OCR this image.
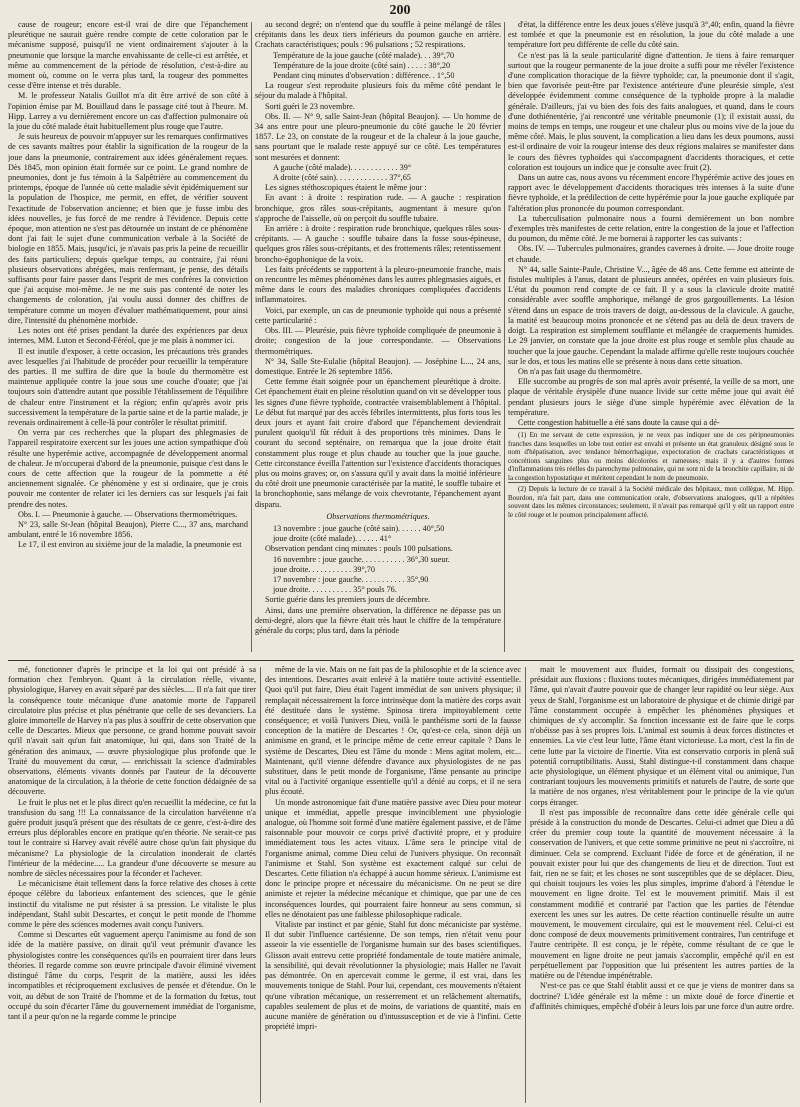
200

cause de rougeur; encore est-il vrai de dire que l'épanchement pleurétique ne saurait guère rendre compte de cette coloration par le mécanisme supposé, puisqu'il ne vient ordinairement s'ajouter à la pneumonie que lorsque la marche envahissante de celle-ci est arrêtée, et même au commencement de la période de résolution, c'est-à-dire au moment où, comme on le verra plus tard, la rougeur des pommettes cesse d'être intense et très durable.

M. le professeur Natalis Guillot m'a dit être arrivé de son côté à l'opinion émise par M. Bouillaud dans le passage cité tout à l'heure. M. Hipp. Larrey a vu dernièrement encore un cas d'affection pulmonaire où la joue du côté malade était habituellement plus rouge que l'autre.

Je suis heureux de pouvoir m'appuyer sur les remarques confirmatives de ces savants maîtres pour établir la signification de la rougeur de la joue dans la pneumonie, contrairement aux idées généralement reçues. Dès 1845, mon opinion était formée sur ce point. Le grand nombre de pneumonies, dont je fus témoin à la Salpêtrière au commencement du printemps, époque de l'année où cette maladie sévit épidémiquement sur la population de l'hospice, me permit, en effet, de vérifier souvent l'exactitude de l'observation ancienne; et bien que je fusse imbu des idées nouvelles, je fus forcé de me rendre à l'évidence. Depuis cette époque, mon attention ne s'est pas détournée un instant de ce phénomène dont j'ai fait le sujet d'une communication verbale à la Société de biologie en 1855. Mais, jusqu'ici, je n'avais pas pris la peine de recueillir des faits particuliers; depuis quelque temps, au contraire, j'ai réuni plusieurs observations abrégées, mais renfermant, je pense, des détails suffisants pour faire passer dans l'esprit de mes confrères la conviction que j'ai acquise moi-même. Je ne me suis pas contenté de noter les changements de coloration, j'ai voulu aussi donner des chiffres de température comme un moyen d'évaluer mathématiquement, pour ainsi dire, l'intensité du phénomène morbide.

Les notes ont été prises pendant la durée des expériences par deux internes, MM. Luton et Second-Féréol, que je me plais à nommer ici.

Il est inutile d'exposer, à cette occasion, les précautions très grandes avec lesquelles j'ai l'habitude de procéder pour recueillir la température des parties. Il me suffira de dire que la boule du thermomètre est maintenue appliquée contre la joue sous une couche d'ouate; que j'ai toujours soin d'attendre autant que possible l'établissement de l'équilibre de chaleur entre l'instrument et la région; enfin qu'après avoir pris successivement la température de la partie saine et de la partie malade, je revenais ordinairement à celle-là pour contrôler le résultat primitif.

On verra par ces recherches que la plupart des phlegmasies de l'appareil respiratoire exercent sur les joues une action sympathique d'où résulte une hyperémie active, accompagnée de développement anormal de chaleur. Je m'occuperai d'abord de la pneumonie, puisque c'est dans le cours de cette affection que la rougeur de la pommette a été anciennement signalée. Ce phénomène y est si ordinaire, que je crois pouvoir me contenter de relater ici les derniers cas sur lesquels j'ai fait prendre des notes.

Obs. I. — Pneumonie à gauche. — Observations thermométriques.

N° 23, salle St-Jean (hôpital Beaujon), Pierre C..., 37 ans, marchand ambulant, entré le 16 novembre 1856.

Le 17, il est environ au sixième jour de la maladie, la pneumonie est

au second degré; on n'entend que du souffle à peine mélangé de râles crépitants dans les deux tiers inférieurs du poumon gauche en arrière. Crachats caractéristiques; pouls : 96 pulsations ; 52 respirations.

Température de la joue gauche (côté malade). . . 39°,70

Température de la joue droite (côté sain) . . . . : 38°,20

Pendant cinq minutes d'observation : différence. . 1°,50

La rougeur s'est reproduite plusieurs fois du même côté pendant le séjour du malade à l'hôpital.

Sorti guéri le 23 novembre.

Obs. II. — N° 9, salle Saint-Jean (hôpital Beaujon). — Un homme de 34 ans entre pour une pleuro-pneumonie du côté gauche le 20 février 1857. Le 23, on constate de la rougeur et de la chaleur à la joue gauche, sans pourtant que le malade reste appuyé sur ce côté. Les températures sont mesurées et donnent:

A gauche (côté malade). . . . . . . . . . . . 39°

A droite (côté sain). . . . . . . . . . . . . 37°,65

Les signes stéthoscopiques étaient le même jour :

En avant : à droite : respiration rude. — A gauche : respiration bronchique, gros râles sous-crépitants, augmentant à mesure qu'on s'approche de l'aisselle, où on perçoit du souffle tubaire.

En arrière : à droite : respiration rude bronchique, quelques râles sous-crépitants. — A gauche : souffle tubaire dans la fosse sous-épineuse, quelques gros râles sous-crépitants, et des frottements râles; retentissement broncho-égophonique de la voix.

Les faits précédents se rapportent à la pleuro-pneumonie franche, mais on rencontre les mêmes phénomènes dans les autres phlegmasies aiguës, et même dans le cours des maladies chroniques compliquées d'accidents inflammatoires.

Voici, par exemple, un cas de pneumonie typhoïde qui nous a présenté cette particularité :

Obs. III. — Pleurésie, puis fièvre typhoïde compliquée de pneumonie à droite; congestion de la joue correspondante. — Observations thermométriques.

N° 34, Salle Ste-Eulalie (hôpital Beaujon). — Joséphine L..., 24 ans, domestique. Entrée le 26 septembre 1856.

Cette femme était soignée pour un épanchement pleurétique à droite. Cet épanchement était en pleine résolution quand on vit se développer tous les signes d'une fièvre typhoïde, contractée vraisemblablement à l'hôpital. Le début fut marqué par des accès fébriles intermittents, plus forts tous les deux jours et ayant fait croire d'abord que l'épanchement deviendrait purulent quoiqu'il fût réduit à des proportions très minimes. Dans le courant du second septénaire, on remarqua que la joue droite était constamment plus rouge et plus chaude au toucher que la joue gauche. Cette circonstance éveilla l'attention sur l'existence d'accidents thoraciques plus ou moins graves; or, on s'assura qu'il y avait dans la moitié inférieure du côté droit une pneumonie caractérisée par la matité, le souffle tubaire et la bronchophonie, sans mélange de voix chevrotante, l'épanchement ayant disparu.

Observations thermométriques.

13 novembre : joue gauche (côté sain). . . . . . 40°,50

joue droite (côté malade). . . . . . 41°

Observation pendant cinq minutes : pouls 100 pulsations.

16 novembre : joue gauche. . . . . . . . . . . 36°,30 sueur.

joue droite. . . . . . . . . . . 39°,70

17 novembre : joue gauche. . . . . . . . . . . 35°,90

joue droite. . . . . . . . . . . 35° pouls 76.

Sortie guérie dans les premiers jours de décembre.

Ainsi, dans une première observation, la différence ne dépasse pas un demi-degré, alors que la fièvre était très haut le chiffre de la température générale du corps; plus tard, dans la période

d'état, la différence entre les deux joues s'élève jusqu'à 3°,40; enfin, quand la fièvre est tombée et que la pneumonie est en résolution, la joue du côté malade a une température fort peu différente de celle du côté sain.

Ce n'est pas là la seule particularité digne d'attention. Je tiens à faire remarquer surtout que la rougeur permanente de la joue droite a suffi pour me révéler l'existence d'une complication thoracique de la fièvre typhoïde; car, la pneumonie dont il s'agit, bien que favorisée peut-être par l'existence antérieure d'une pleurésie simple, s'est développée évidemment comme conséquence de la typhoïde propre à la maladie générale. D'ailleurs, j'ai vu bien des fois des faits analogues, et quand, dans le cours d'une dothiénentérie, j'ai rencontré une véritable pneumonie (1); il existait aussi, du moins de temps en temps, une rougeur et une chaleur plus ou moins vive de la joue du même côté. Mais, le plus souvent, la complication a lieu dans les deux poumons, aussi est-il ordinaire de voir la rougeur intense des deux régions malaires se manifester dans le cours des fièvres typhoïdes qui s'accompagnent d'accidents thoraciques, et cette coloration est toujours un indice que je consulte avec fruit (2).

Dans un autre cas, nous avons vu récemment encore l'hypérémie active des joues en rapport avec le développement d'accidents thoraciques très intenses à la suite d'une fièvre typhoïde, et la prédilection de cette hypérémie pour la joue gauche expliquée par l'altération plus prononcée du poumon correspondant.

La tuberculisation pulmonaire nous a fourni dernièrement un bon nombre d'exemples très manifestes de cette relation, entre la congestion de la joue et l'affection du poumon, du même côté. Je me bornerai à rapporter les cas suivants :

Obs. IV. — Tubercules pulmonaires, grandes cavernes à droite. — Joue droite rouge et chaude.

N° 44, salle Sainte-Paule, Christine V..., âgée de 48 ans. Cette femme est atteinte de fistules multiples à l'anus, datant de plusieurs années, opérées en vain plusieurs fois. L'état du poumon rend compte de ce fait. Il y a sous la clavicule droite matité considérable avec souffle amphorique, mélangé de gros gargouillements. La lésion s'étend dans un espace de trois travers de doigt, au-dessous de la clavicule. A gauche, la matité est beaucoup moins prononcée et ne s'étend pas au delà de deux travers de doigt. La respiration est simplement soufflante et mélangée de craquements humides. Le 29 janvier, on constate que la joue droite est plus rouge et semble plus chaude au toucher que la joue gauche. Cependant la malade affirme qu'elle reste toujours couchée sur le dos, et tous les matins elle se présente à nous dans cette situation.

On n'a pas fait usage du thermomètre.

Elle succombe au progrès de son mal après avoir présenté, la veille de sa mort, une plaque de véritable érysipèle d'une nuance livide sur cette même joue qui avait été pendant plusieurs jours le siège d'une simple hypérémie avec élévation de la température.

Cette congestion habituelle a été sans doute la cause qui a dé-

(1) En me servant de cette expression, je ne veux pas indiquer une de ces péripneumonies franches dans lesquelles un lobe tout entier est envahi et présente un état granuleux désigné sous le nom d'hépatisation, avec tendance hémorrhagique, expectoration de crachats caractéristiques et concrétions sanguines plus ou moins décolorées et rameuses; mais il y a d'autres formes d'inflammations très réelles du parenchyme pulmonaire, qui ne sont ni de la bronchite capillaire, ni de la congestion hypostatique et méritent cependant le nom de pneumonie.

(2) Depuis la lecture de ce travail à la Société médicale des hôpitaux, mon collègue, M. Hipp. Bourdon, m'a fait part, dans une communication orale, d'observations analogues, qu'il a répétées souvent dans les mêmes circonstances; seulement, il n'avait pas remarqué qu'il y eût un rapport entre le côté rouge et le poumon principalement affecté.

mé, fonctionner d'après le principe et la loi qui ont présidé à sa formation chez l'embryon. Quant à la circulation réelle, vivante, physiologique, Harvey en avait séparé par des siècles..... Il n'a fait que tirer la conséquence toute mécanique d'une anatomie morte de l'appareil circulatoire plus précise et plus pénétrante que celle de ses devanciers. La gloire immortelle de Harvey n'a pas plus à souffrir de cette observation que celle de Descartes. Mieux que personne, ce grand homme pouvait savoir qu'il n'avait sait qu'un fait anatomique, lui qui, dans son Traité de la génération des animaux, — œuvre physiologique plus profonde que le Traité du mouvement du cœur, — enrichissait la science d'admirables observations, éléments vivants donnés par l'auteur de la découverte anatomique de la circulation, à la théorie de cette fonction dédaignée de sa découverte.

Le fruit le plus net et le plus direct qu'en recueillit la médecine, ce fut la transfusion du sang !!! La connaissance de la circulation harvéienne n'a guère produit jusqu'à présent que des résultats de ce genre, c'est-à-dire des erreurs plus déplorables encore en pratique qu'en théorie. Ne serait-ce pas tout le contraire si Harvey avait révélé autre chose qu'un fait physique du mécanisme? La physiologie de la circulation inonderait de clartés l'intérieur de la médecine..... La grandeur d'une découverte se mesure au nombre de siècles nécessaires pour la féconder et l'achever.

Le mécanicisme était tellement dans la force relative des choses à cette époque célèbre du laborieux enfantement des sciences, que le génie instinctif du vitalisme ne put résister à sa pression. Le vitaliste le plus indépendant, Stahl subit Descartes, et conçut le petit monde de l'homme comme le père des sciences modernes avait conçu l'univers.

Comme si Descartes eût vaguement aperçu l'animisme au fond de son idée de la matière passive, on dirait qu'il veut prémunir d'avance les physiologistes contre les conséquences qu'ils en pourraient tirer dans leurs théories. Il regarde comme son œuvre principale d'avoir éliminé vivement distingué l'âme du corps, l'esprit de la matière, aussi les idées incompatibles et réciproquement exclusives de pensée et d'étendue. On le voit, au début de son Traité de l'homme et de la formation du fœtus, tout occupé du soin d'écarter l'âme du gouvernement immédiat de l'organisme, tant il a peur qu'on ne la regarde comme le principe

même de la vie. Mais on ne fait pas de la philosophie et de la science avec des intentions. Descartes avait enlevé à la matière toute activité essentielle. Quoi qu'il put faire, Dieu était l'agent immédiat de son univers physique; il remplaçait nécessairement la force intrinsèque dont la matière des corps avait été destituée dans le système. Spinosa tirera impitoyablement cette conséquence; et voilà l'univers Dieu, voilà le panthéisme sorti de la fausse conception de la matière de Descartes ! Or, qu'est-ce cela, sinon déjà un animisme en grand, et le principe même de cette erreur capitale ? Dans le système de Descartes, Dieu est l'âme du monde : Mens agitat molem, etc... Maintenant, qu'il vienne défendre d'avance aux physiologistes de ne pas substituer, dans le petit monde de l'organisme, l'âme pensante au principe vital ou à l'activité organique essentielle qu'il a dénié au corps, et il ne sera plus écouté.

Un monde astronomique fait d'une matière passive avec Dieu pour moteur unique et immédiat, appelle presque invinciblement une physiologie analogue, où l'homme soit formé d'une matière également passive, et de l'âme raisonnable pour mouvoir ce corps privé d'activité propre, et y produire immédiatement tous les actes vitaux. L'âme sera le principe vital de l'organisme animal, comme Dieu celui de l'univers physique. On reconnaît l'animisme et Stahl. Son système est exactement calqué sur celui de Descartes. Cette filiation n'a échappé à aucun homme sérieux. L'animisme est donc le principe propre et nécessaire du mécanicisme. On ne peut se dire animiste et rejeter la médecine mécanique et chimique, que par une de ces inconséquences lourdes, qui pourraient faire honneur au sens commun, si elles ne dénotaient pas une faiblesse philosophique radicale.

Vitaliste par instinct et par génie, Stahl fut donc mécaniciste par système. Il dut subir l'influence cartésienne. De son temps, rien n'était venu pour asseoir la vie essentielle de l'organisme humain sur des bases scientifiques. Glisson avait entrevu cette propriété fondamentale de toute matière animale, la sensibilité, qui devait révolutionner la physiologie; mais Haller ne l'avait pas démontrée. On en apercevait comme le germe, il est vrai, dans les mouvements tonique de Stahl. Pour lui, cependant, ces mouvements n'étaient qu'une vibration mécanique, un resserrement et un relâchement alternatifs, capables seulement de plus et de moins, de variations de quantité, mais en aucune manière de génération ou d'intussusception et de vie à l'infini. Cette propriété impri-

mait le mouvement aux fluides, formait ou dissipait des congestions, présidait aux fluxions : fluxions toutes mécaniques, dirigées immédiatement par l'âme, qui n'avait d'autre pouvoir que de changer leur rapidité ou leur siège. Aux yeux de Stahl, l'organisme est un laboratoire de physique et de chimie dirigé par l'âme constamment occupée à empêcher les phénomènes physiques et chimiques de s'y accomplir. Sa fonction incessante est de faire que le corps n'obéisse pas à ses propres lois. L'animal est soumis à deux forces distinctes et ennemies. La vie c'est leur lutte, l'âme étant victorieuse. La mort, c'est la fin de cette lutte par la victoire de l'inertie. Vita est conservatio corporis in plenâ suâ potentiâ corruptibilitatis. Aussi, Stahl distingue-t-il constamment dans chaque acte physiologique, un élément physique et un élément vital ou animique, l'un contrariant toujours les mouvements primitifs et naturels de l'autre, de sorte que la matière de nos organes, n'est véritablement pour le principe de la vie qu'un corps étranger.

Il n'est pas impossible de reconnaître dans cette idée générale celle qui préside à la construction du monde de Descartes. Celui-ci admet que Dieu a dû créer du premier coup toute la quantité de mouvement nécessaire à la conservation de l'univers, et que cette somme primitive ne peut ni s'accroître, ni diminuer. Cela se comprend. Excluant l'idée de force et de génération, il ne pouvait exister pour lui que des changements de lieu et de direction. Tout est fait, rien ne se fait; et les choses ne sont susceptibles que de se déplacer. Dieu, qui choisit toujours les voies les plus simples, imprime d'abord à l'étendue le mouvement en ligne droite. Tel est le mouvement primitif. Mais il est constamment modifié et contrarié par l'action que les parties de l'étendue exercent les unes sur les autres. De cette réaction continuelle résulte un autre mouvement, le mouvement circulaire, qui est le mouvement réel. Celui-ci est donc composé de deux mouvements primitivement contraires, l'un centrifuge et l'autre centripète. Il est conçu, je le répète, comme résultant de ce que le mouvement en ligne droite ne peut jamais s'accomplir, empêché qu'il en est perpétuellement par l'opposition que lui présentent les autres parties de la matière ou de l'étendue impénétrable.

N'est-ce pas ce que Stahl établit aussi et ce que je viens de montrer dans sa doctrine? L'idée générale est la même : un mixte doué de force d'inertie et d'affinités chimiques, empêché d'obéir à leurs lois par une force d'un autre ordre.
